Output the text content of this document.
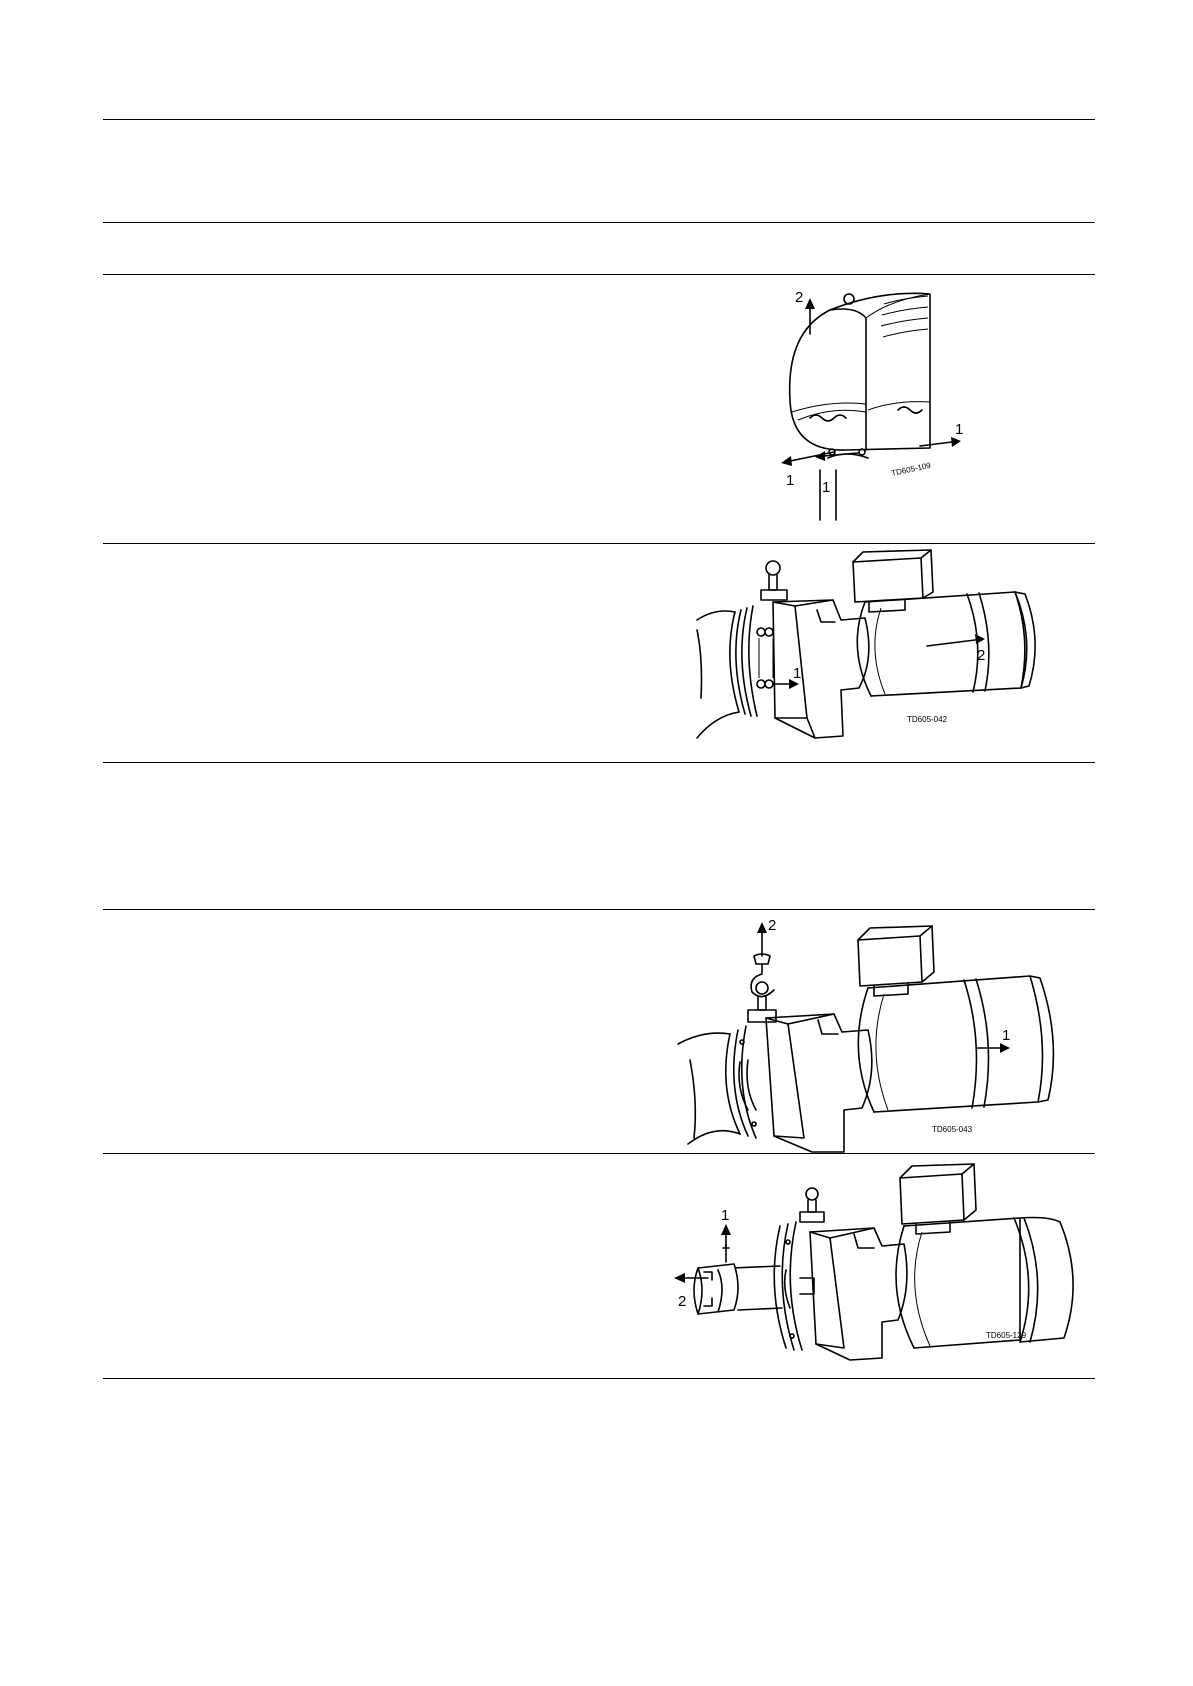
2
1 1
1
TD605-109
1
2
TD605-042
2
1
TD605-043
1
2
TD605-129
